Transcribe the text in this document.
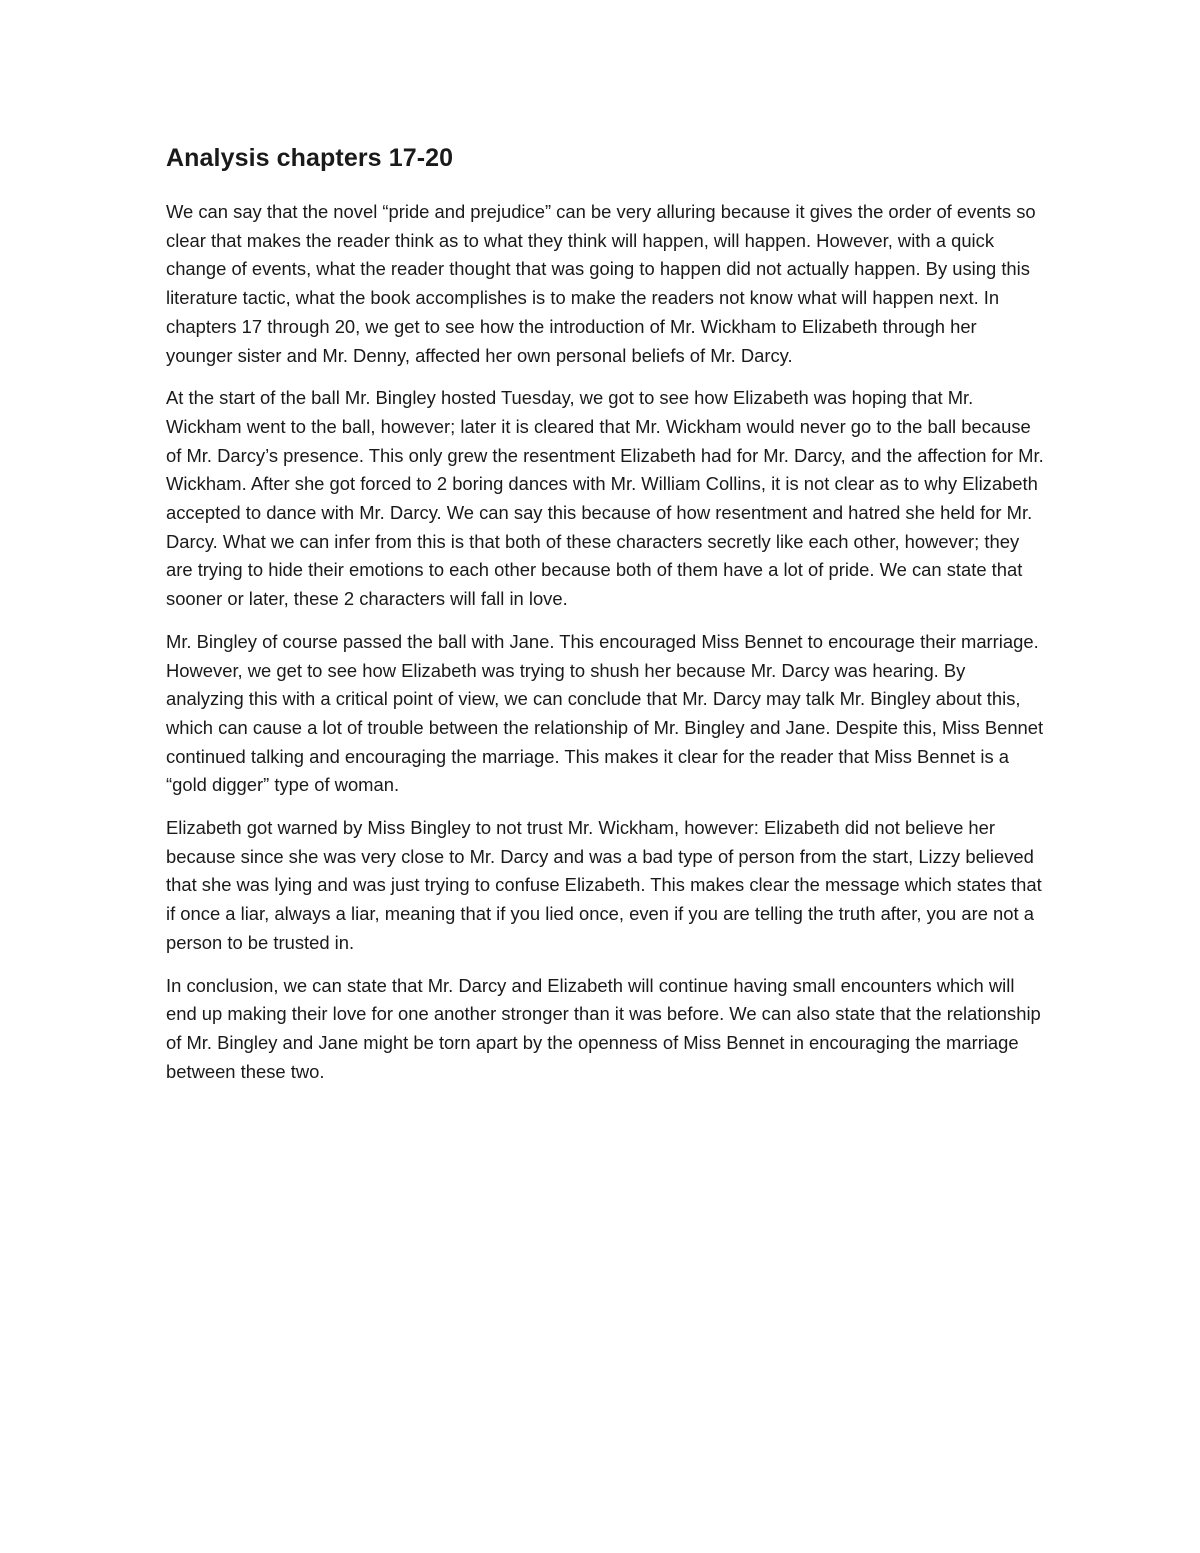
Analysis chapters 17-20

We can say that the novel “pride and prejudice” can be very alluring because it gives the order of events so clear that makes the reader think as to what they think will happen, will happen. However, with a quick change of events, what the reader thought that was going to happen did not actually happen. By using this literature tactic, what the book accomplishes is to make the readers not know what will happen next. In chapters 17 through 20, we get to see how the introduction of Mr. Wickham to Elizabeth through her younger sister and Mr. Denny, affected her own personal beliefs of Mr. Darcy.

At the start of the ball Mr. Bingley hosted Tuesday, we got to see how Elizabeth was hoping that Mr. Wickham went to the ball, however; later it is cleared that Mr. Wickham would never go to the ball because of Mr. Darcy’s presence. This only grew the resentment Elizabeth had for Mr. Darcy, and the affection for Mr. Wickham. After she got forced to 2 boring dances with Mr. William Collins, it is not clear as to why Elizabeth accepted to dance with Mr. Darcy. We can say this because of how resentment and hatred she held for Mr. Darcy. What we can infer from this is that both of these characters secretly like each other, however; they are trying to hide their emotions to each other because both of them have a lot of pride. We can state that sooner or later, these 2 characters will fall in love.

Mr. Bingley of course passed the ball with Jane. This encouraged Miss Bennet to encourage their marriage. However, we get to see how Elizabeth was trying to shush her because Mr. Darcy was hearing. By analyzing this with a critical point of view, we can conclude that Mr. Darcy may talk Mr. Bingley about this, which can cause a lot of trouble between the relationship of Mr. Bingley and Jane. Despite this, Miss Bennet continued talking and encouraging the marriage. This makes it clear for the reader that Miss Bennet is a “gold digger” type of woman.

Elizabeth got warned by Miss Bingley to not trust Mr. Wickham, however: Elizabeth did not believe her because since she was very close to Mr. Darcy and was a bad type of person from the start, Lizzy believed that she was lying and was just trying to confuse Elizabeth. This makes clear the message which states that if once a liar, always a liar, meaning that if you lied once, even if you are telling the truth after, you are not a person to be trusted in.

In conclusion, we can state that Mr. Darcy and Elizabeth will continue having small encounters which will end up making their love for one another stronger than it was before. We can also state that the relationship of Mr. Bingley and Jane might be torn apart by the openness of Miss Bennet in encouraging the marriage between these two.
